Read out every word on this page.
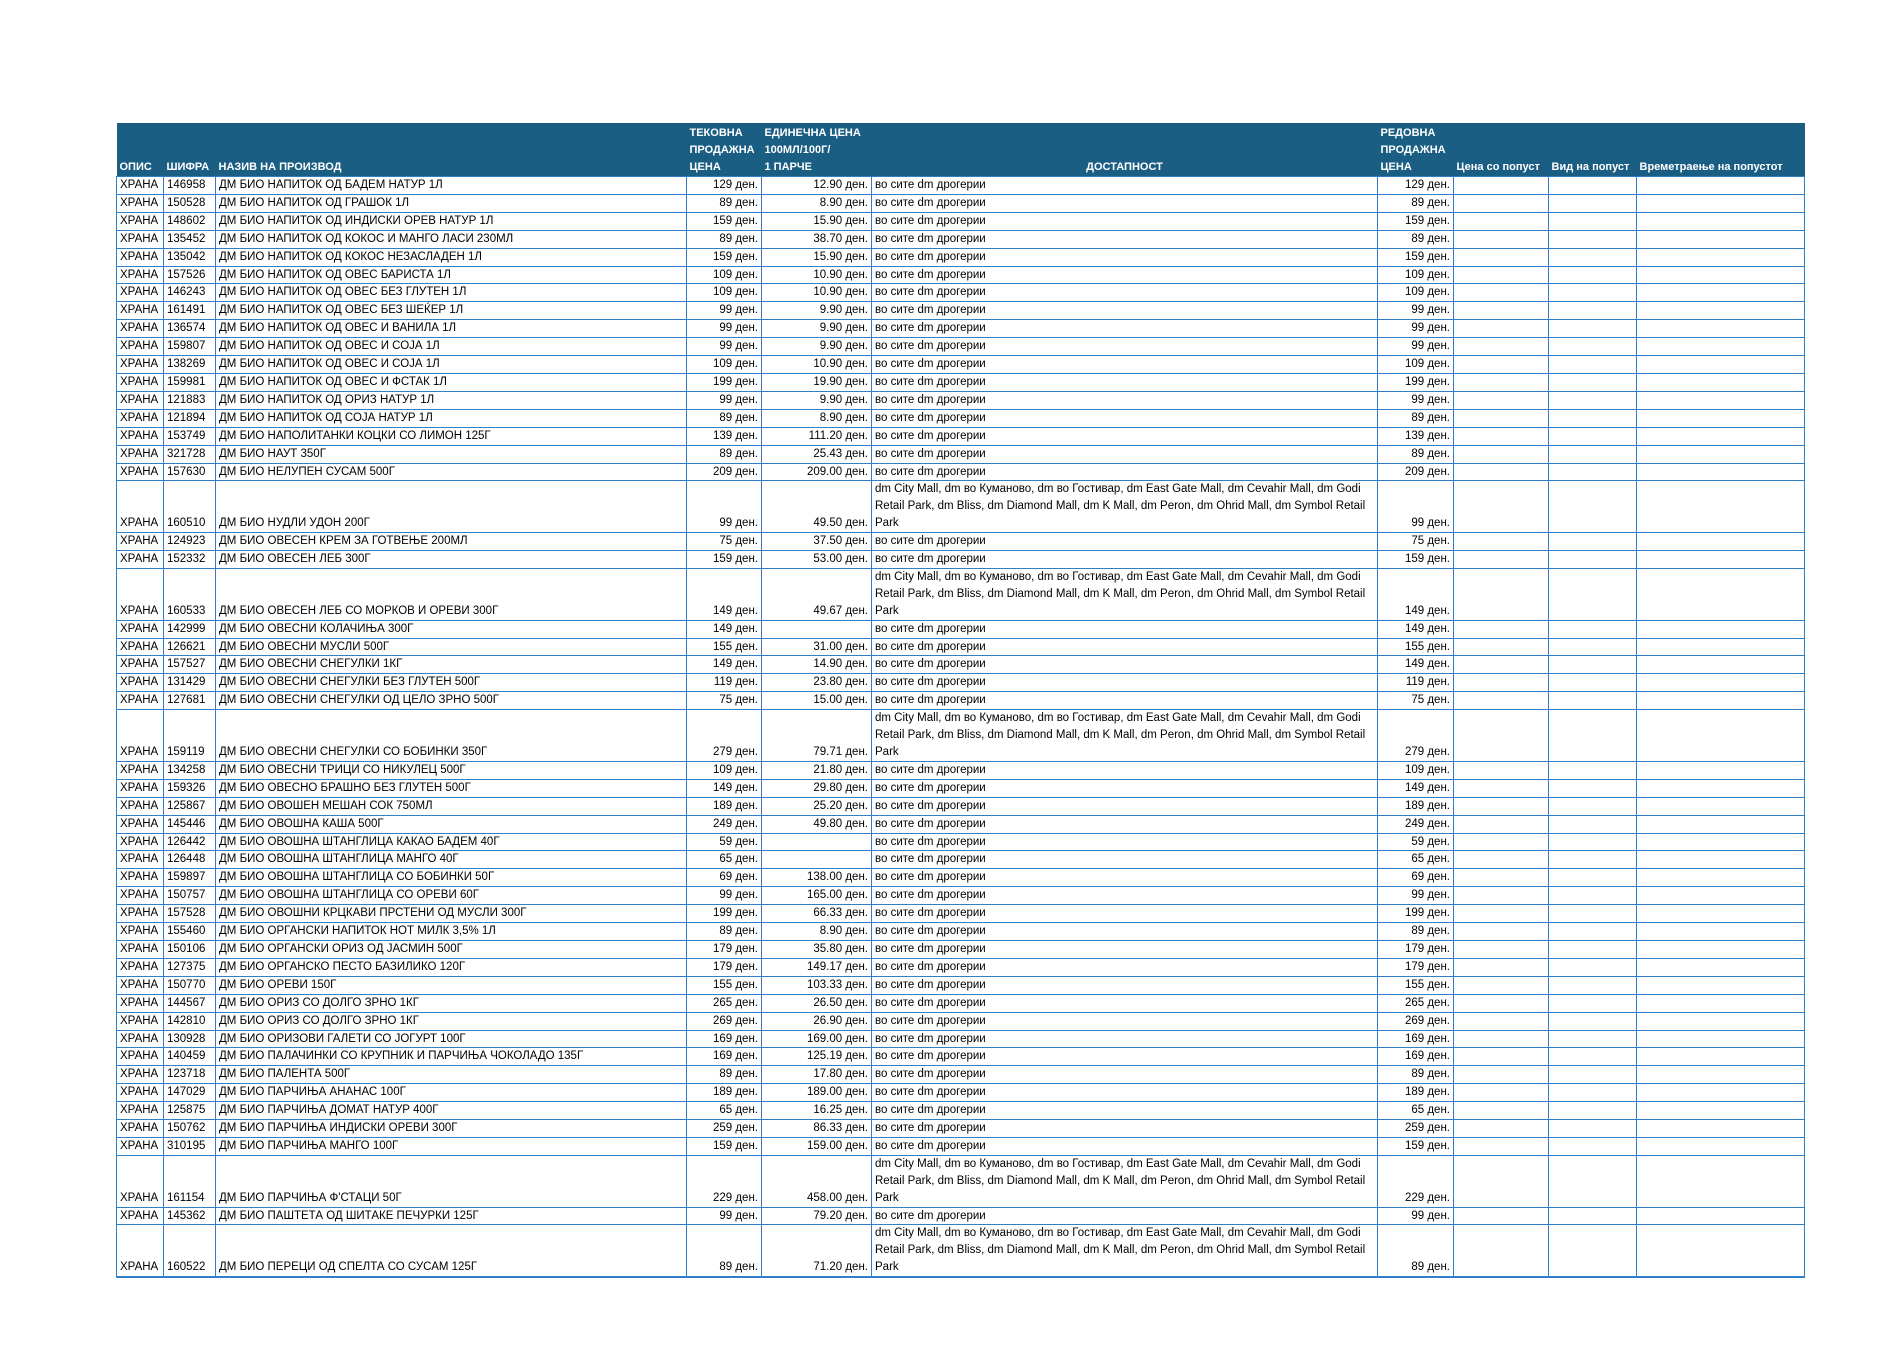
ОПИС	ШИФРА	НАЗИВ НА ПРОИЗВОД	ТЕКОВНА
ПРОДАЖНА
ЦЕНА	ЕДИНЕЧНА ЦЕНА
100МЛ/100Г/
1 ПАРЧЕ	ДОСТАПНОСТ	РЕДОВНА
ПРОДАЖНА
ЦЕНА	Цена со попуст	Вид на попуст	Времетраење на попустот
ХРАНА	146958	ДМ БИО НАПИТОК ОД БАДЕМ НАТУР 1Л	129 ден.	12.90 ден.	во сите dm дрогерии	129 ден.			
ХРАНА	150528	ДМ БИО НАПИТОК ОД ГРАШОК 1Л	89 ден.	8.90 ден.	во сите dm дрогерии	89 ден.			
ХРАНА	148602	ДМ БИО НАПИТОК ОД ИНДИСКИ ОРЕВ НАТУР 1Л	159 ден.	15.90 ден.	во сите dm дрогерии	159 ден.			
ХРАНА	135452	ДМ БИО НАПИТОК ОД КОКОС И МАНГО ЛАСИ 230МЛ	89 ден.	38.70 ден.	во сите dm дрогерии	89 ден.			
ХРАНА	135042	ДМ БИО НАПИТОК ОД КОКОС НЕЗАСЛАДЕН 1Л	159 ден.	15.90 ден.	во сите dm дрогерии	159 ден.			
ХРАНА	157526	ДМ БИО НАПИТОК ОД ОВЕС БАРИСТА 1Л	109 ден.	10.90 ден.	во сите dm дрогерии	109 ден.			
ХРАНА	146243	ДМ БИО НАПИТОК ОД ОВЕС БЕЗ ГЛУТЕН 1Л	109 ден.	10.90 ден.	во сите dm дрогерии	109 ден.			
ХРАНА	161491	ДМ БИО НАПИТОК ОД ОВЕС БЕЗ ШЕЌЕР 1Л	99 ден.	9.90 ден.	во сите dm дрогерии	99 ден.			
ХРАНА	136574	ДМ БИО НАПИТОК ОД ОВЕС И ВАНИЛА 1Л	99 ден.	9.90 ден.	во сите dm дрогерии	99 ден.			
ХРАНА	159807	ДМ БИО НАПИТОК ОД ОВЕС И СОЈА 1Л	99 ден.	9.90 ден.	во сите dm дрогерии	99 ден.			
ХРАНА	138269	ДМ БИО НАПИТОК ОД ОВЕС И СОЈА 1Л	109 ден.	10.90 ден.	во сите dm дрогерии	109 ден.			
ХРАНА	159981	ДМ БИО НАПИТОК ОД ОВЕС И ФСТАК 1Л	199 ден.	19.90 ден.	во сите dm дрогерии	199 ден.			
ХРАНА	121883	ДМ БИО НАПИТОК ОД ОРИЗ НАТУР 1Л	99 ден.	9.90 ден.	во сите dm дрогерии	99 ден.			
ХРАНА	121894	ДМ БИО НАПИТОК ОД СОЈА НАТУР 1Л	89 ден.	8.90 ден.	во сите dm дрогерии	89 ден.			
ХРАНА	153749	ДМ БИО НАПОЛИТАНКИ КОЦКИ СО ЛИМОН 125Г	139 ден.	111.20 ден.	во сите dm дрогерии	139 ден.			
ХРАНА	321728	ДМ БИО НАУТ 350Г	89 ден.	25.43 ден.	во сите dm дрогерии	89 ден.			
ХРАНА	157630	ДМ БИО НЕЛУПЕН СУСАМ 500Г	209 ден.	209.00 ден.	во сите dm дрогерии	209 ден.			
ХРАНА	160510	ДМ БИО НУДЛИ УДОН 200Г	99 ден.	49.50 ден.	dm City Mall, dm во Куманово, dm во Гостивар, dm East Gate Mall, dm Cevahir Mall, dm Godi Retail Park, dm Bliss, dm Diamond Mall, dm K Mall, dm Peron, dm Ohrid Mall, dm Symbol Retail Park	99 ден.			
ХРАНА	124923	ДМ БИО ОВЕСЕН КРЕМ ЗА ГОТВЕЊЕ 200МЛ	75 ден.	37.50 ден.	во сите dm дрогерии	75 ден.			
ХРАНА	152332	ДМ БИО ОВЕСЕН ЛЕБ 300Г	159 ден.	53.00 ден.	во сите dm дрогерии	159 ден.			
ХРАНА	160533	ДМ БИО ОВЕСЕН ЛЕБ СО МОРКОВ И ОРЕВИ 300Г	149 ден.	49.67 ден.	dm City Mall, dm во Куманово, dm во Гостивар, dm East Gate Mall, dm Cevahir Mall, dm Godi Retail Park, dm Bliss, dm Diamond Mall, dm K Mall, dm Peron, dm Ohrid Mall, dm Symbol Retail Park	149 ден.			
ХРАНА	142999	ДМ БИО ОВЕСНИ КОЛАЧИЊА 300Г	149 ден.		во сите dm дрогерии	149 ден.			
ХРАНА	126621	ДМ БИО ОВЕСНИ МУСЛИ 500Г	155 ден.	31.00 ден.	во сите dm дрогерии	155 ден.			
ХРАНА	157527	ДМ БИО ОВЕСНИ СНЕГУЛКИ 1КГ	149 ден.	14.90 ден.	во сите dm дрогерии	149 ден.			
ХРАНА	131429	ДМ БИО ОВЕСНИ СНЕГУЛКИ БЕЗ ГЛУТЕН 500Г	119 ден.	23.80 ден.	во сите dm дрогерии	119 ден.			
ХРАНА	127681	ДМ БИО ОВЕСНИ СНЕГУЛКИ ОД ЦЕЛО ЗРНО 500Г	75 ден.	15.00 ден.	во сите dm дрогерии	75 ден.			
ХРАНА	159119	ДМ БИО ОВЕСНИ СНЕГУЛКИ СО БОБИНКИ 350Г	279 ден.	79.71 ден.	dm City Mall, dm во Куманово, dm во Гостивар, dm East Gate Mall, dm Cevahir Mall, dm Godi Retail Park, dm Bliss, dm Diamond Mall, dm K Mall, dm Peron, dm Ohrid Mall, dm Symbol Retail Park	279 ден.			
ХРАНА	134258	ДМ БИО ОВЕСНИ ТРИЦИ СО НИКУЛЕЦ 500Г	109 ден.	21.80 ден.	во сите dm дрогерии	109 ден.			
ХРАНА	159326	ДМ БИО ОВЕСНО БРАШНО БЕЗ ГЛУТЕН 500Г	149 ден.	29.80 ден.	во сите dm дрогерии	149 ден.			
ХРАНА	125867	ДМ БИО ОВОШЕН МЕШАН СОК 750МЛ	189 ден.	25.20 ден.	во сите dm дрогерии	189 ден.			
ХРАНА	145446	ДМ БИО ОВОШНА КАША 500Г	249 ден.	49.80 ден.	во сите dm дрогерии	249 ден.			
ХРАНА	126442	ДМ БИО ОВОШНА ШТАНГЛИЦА КАКАО БАДЕМ 40Г	59 ден.		во сите dm дрогерии	59 ден.			
ХРАНА	126448	ДМ БИО ОВОШНА ШТАНГЛИЦА МАНГО 40Г	65 ден.		во сите dm дрогерии	65 ден.			
ХРАНА	159897	ДМ БИО ОВОШНА ШТАНГЛИЦА СО БОБИНКИ 50Г	69 ден.	138.00 ден.	во сите dm дрогерии	69 ден.			
ХРАНА	150757	ДМ БИО ОВОШНА ШТАНГЛИЦА СО ОРЕВИ 60Г	99 ден.	165.00 ден.	во сите dm дрогерии	99 ден.			
ХРАНА	157528	ДМ БИО ОВОШНИ КРЦКАВИ ПРСТЕНИ ОД МУСЛИ 300Г	199 ден.	66.33 ден.	во сите dm дрогерии	199 ден.			
ХРАНА	155460	ДМ БИО ОРГАНСКИ НАПИТОК НОТ МИЛК 3,5% 1Л	89 ден.	8.90 ден.	во сите dm дрогерии	89 ден.			
ХРАНА	150106	ДМ БИО ОРГАНСКИ ОРИЗ ОД ЈАСМИН 500Г	179 ден.	35.80 ден.	во сите dm дрогерии	179 ден.			
ХРАНА	127375	ДМ БИО ОРГАНСКО ПЕСТО БАЗИЛИКО 120Г	179 ден.	149.17 ден.	во сите dm дрогерии	179 ден.			
ХРАНА	150770	ДМ БИО ОРЕВИ 150Г	155 ден.	103.33 ден.	во сите dm дрогерии	155 ден.			
ХРАНА	144567	ДМ БИО ОРИЗ СО ДОЛГО ЗРНО 1КГ	265 ден.	26.50 ден.	во сите dm дрогерии	265 ден.			
ХРАНА	142810	ДМ БИО ОРИЗ СО ДОЛГО ЗРНО 1КГ	269 ден.	26.90 ден.	во сите dm дрогерии	269 ден.			
ХРАНА	130928	ДМ БИО ОРИЗОВИ ГАЛЕТИ СО ЈОГУРТ 100Г	169 ден.	169.00 ден.	во сите dm дрогерии	169 ден.			
ХРАНА	140459	ДМ БИО ПАЛАЧИНКИ СО КРУПНИК И ПАРЧИЊА ЧОКОЛАДО 135Г	169 ден.	125.19 ден.	во сите dm дрогерии	169 ден.			
ХРАНА	123718	ДМ БИО ПАЛЕНТА 500Г	89 ден.	17.80 ден.	во сите dm дрогерии	89 ден.			
ХРАНА	147029	ДМ БИО ПАРЧИЊА АНАНАС 100Г	189 ден.	189.00 ден.	во сите dm дрогерии	189 ден.			
ХРАНА	125875	ДМ БИО ПАРЧИЊА ДОМАТ НАТУР 400Г	65 ден.	16.25 ден.	во сите dm дрогерии	65 ден.			
ХРАНА	150762	ДМ БИО ПАРЧИЊА ИНДИСКИ ОРЕВИ 300Г	259 ден.	86.33 ден.	во сите dm дрогерии	259 ден.			
ХРАНА	310195	ДМ БИО ПАРЧИЊА МАНГО 100Г	159 ден.	159.00 ден.	во сите dm дрогерии	159 ден.			
ХРАНА	161154	ДМ БИО ПАРЧИЊА Ф'СТАЦИ 50Г	229 ден.	458.00 ден.	dm City Mall, dm во Куманово, dm во Гостивар, dm East Gate Mall, dm Cevahir Mall, dm Godi Retail Park, dm Bliss, dm Diamond Mall, dm K Mall, dm Peron, dm Ohrid Mall, dm Symbol Retail Park	229 ден.			
ХРАНА	145362	ДМ БИО ПАШТЕТА ОД ШИТАКЕ ПЕЧУРКИ 125Г	99 ден.	79.20 ден.	во сите dm дрогерии	99 ден.			
ХРАНА	160522	ДМ БИО ПЕРЕЦИ ОД СПЕЛТА СО СУСАМ 125Г	89 ден.	71.20 ден.	dm City Mall, dm во Куманово, dm во Гостивар, dm East Gate Mall, dm Cevahir Mall, dm Godi Retail Park, dm Bliss, dm Diamond Mall, dm K Mall, dm Peron, dm Ohrid Mall, dm Symbol Retail Park	89 ден.			
